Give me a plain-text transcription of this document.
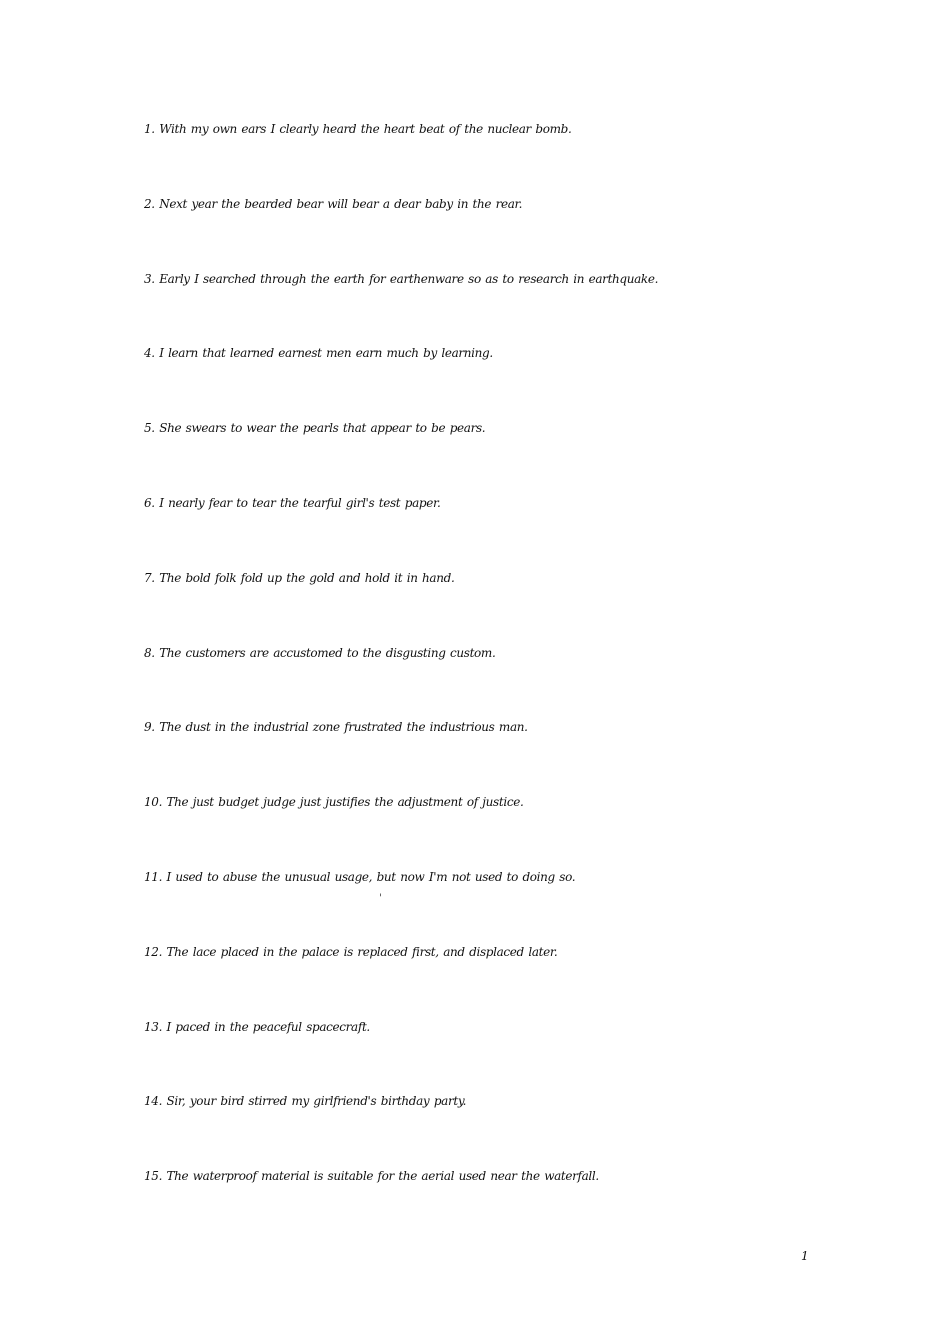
1. With my own ears I clearly heard the heart beat of the nuclear bomb.
2. Next year the bearded bear will bear a dear baby in the rear.
3. Early I searched through the earth for earthenware so as to research in earthquake.
4. I learn that learned earnest men earn much by learning.
5. She swears to wear the pearls that appear to be pears.
6. I nearly fear to tear the tearful girl's test paper.
7. The bold folk fold up the gold and hold it in hand.
8. The customers are accustomed to the disgusting custom.
9. The dust in the industrial zone frustrated the industrious man.
10. The just budget judge just justifies the adjustment of justice.
11. I used to abuse the unusual usage, but now I'm not used to doing so.
12. The lace placed in the palace is replaced first, and displaced later.
13. I paced in the peaceful spacecraft.
14. Sir, your bird stirred my girlfriend's birthday party.
15. The waterproof material is suitable for the aerial used near the waterfall.
'
1
